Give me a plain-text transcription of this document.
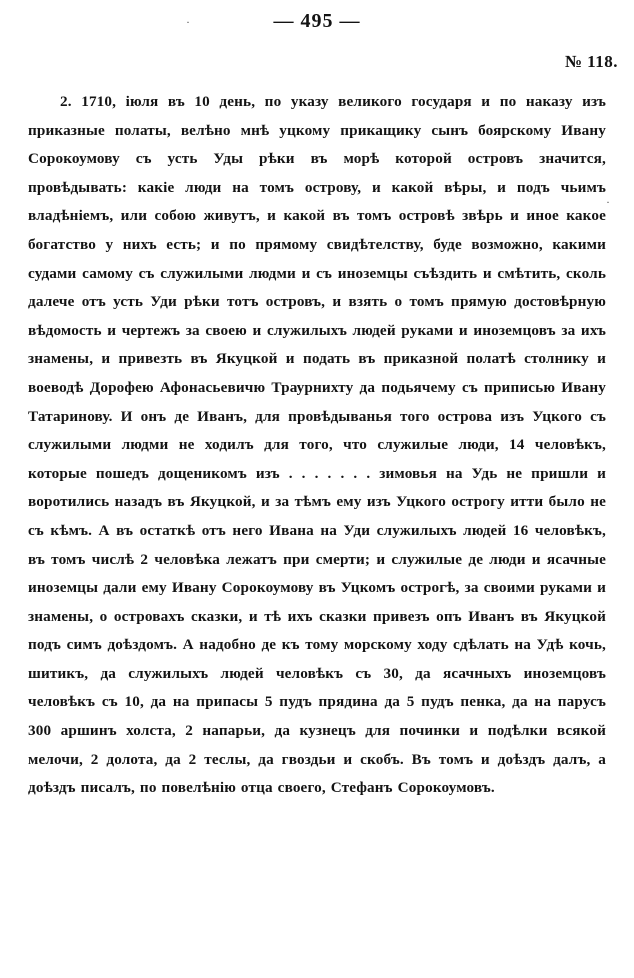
·	— 495 —
№ 118.
·

2. 1710, іюля въ 10 день, по указу великого государя и по наказу изъ приказные полаты, велѣно мнѣ уцкому прикащику сынъ боярскому Ивану Сорокоумову съ усть Уды рѣки въ морѣ которой островъ значится, провѣдывать: какіе люди на томъ острову, и какой вѣры, и подъ чьимъ владѣніемъ, или собою живутъ, и какой въ томъ островѣ звѣрь и иное какое богатство у нихъ есть; и по прямому свидѣтелству, буде возможно, какими судами самому съ служилыми людми и съ иноземцы съѣздить и смѣтить, сколь далече отъ усть Уди рѣки тотъ островъ, и взять о томъ прямую достовѣрную вѣдомость и чертежъ за своею и служилыхъ людей руками и иноземцовъ за ихъ знамены, и привезть въ Якуцкой и подать въ приказной полатѣ столнику и воеводѣ Дорофею Афонасьевичю Траурнихту да подьячему съ приписью Ивану Татаринову. И онъ де Иванъ, для провѣдыванья того острова изъ Уцкого съ служилыми людми не ходилъ для того, что служилые люди, 14 человѣкъ, которые пошедъ дощеникомъ изъ . . . . . . . зимовья на Удь не пришли и воротились назадъ въ Якуцкой, и за тѣмъ ему изъ Уцкого острогу итти было не съ кѣмъ. А въ остаткѣ отъ него Ивана на Уди служилыхъ людей 16 человѣкъ, въ томъ числѣ 2 человѣка лежатъ при смерти; и служилые де люди и ясачные иноземцы дали ему Ивану Сорокоумову въ Уцкомъ острогѣ, за своими руками и знамены, о островахъ сказки, и тѣ ихъ сказки привезъ опъ Иванъ въ Якуцкой подъ симъ доѣздомъ. А надобно де къ тому морскому ходу сдѣлать на Удѣ кочь, шитикъ, да служилыхъ людей человѣкъ съ 30, да ясачныхъ иноземцовъ человѣкъ съ 10, да на припасы 5 пудъ прядина да 5 пудъ пенка, да на парусъ 300 аршинъ холста, 2 напарьи, да кузнецъ для починки и подѣлки всякой мелочи, 2 долота, да 2 теслы, да гвоздьи и скобъ. Въ томъ и доѣздъ далъ, а доѣздъ писалъ, по повелѣнію отца своего, Стефанъ Сорокоумовъ.
